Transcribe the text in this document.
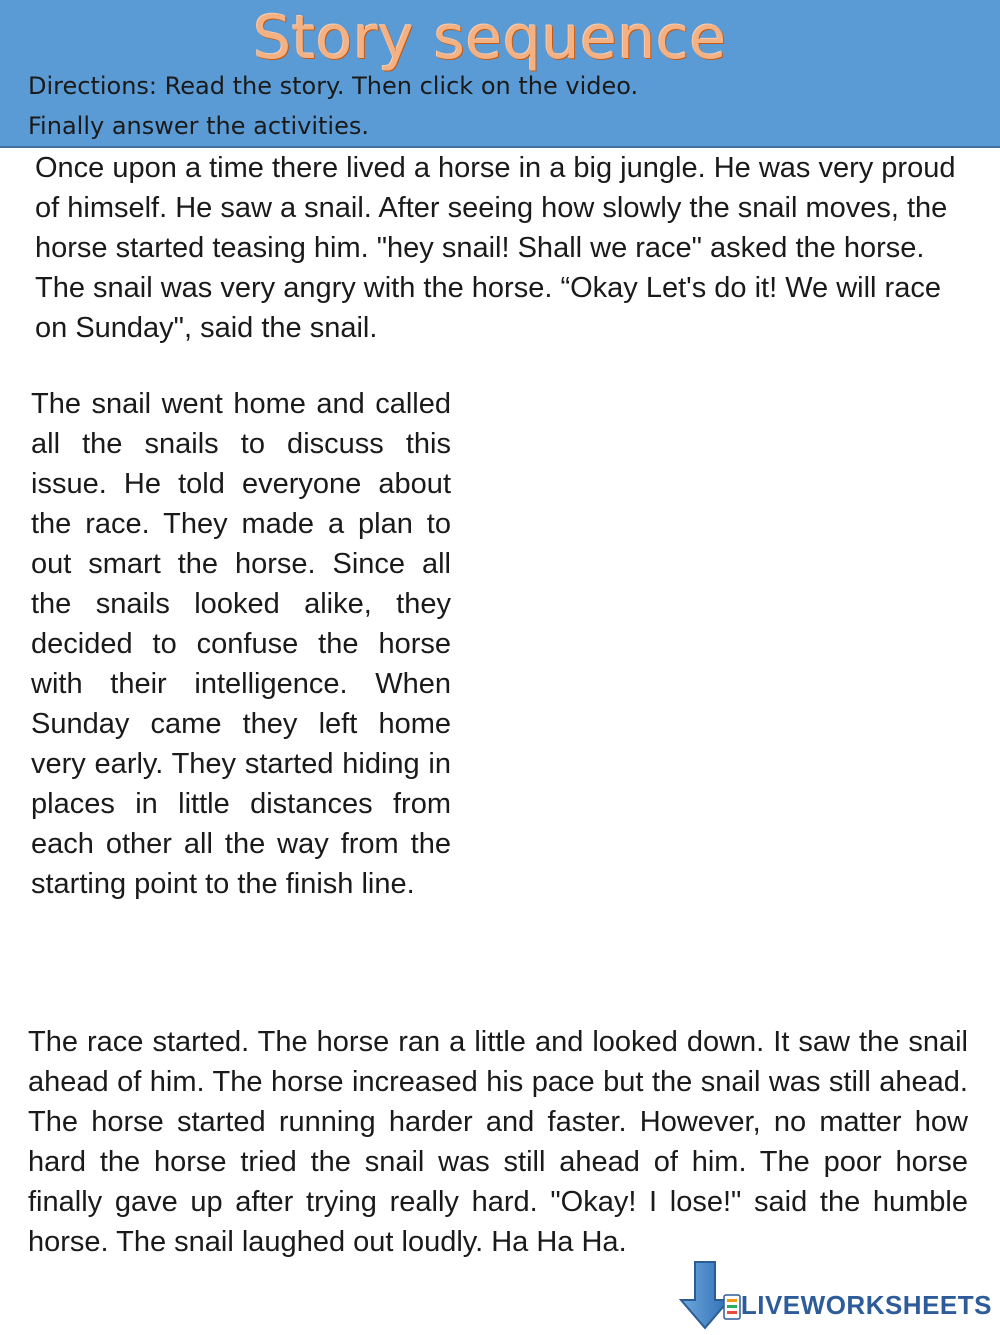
Story sequence
Directions: Read the story. Then click on the video.
Finally answer the activities.

Once upon a time there lived a horse in a big jungle. He was very proud of himself. He saw a snail. After seeing how slowly the snail moves, the horse started teasing him. "hey snail! Shall we race" asked the horse. The snail was very angry with the horse. “Okay Let's do it! We will race on Sunday", said the snail.

The snail went home and called all the snails to discuss this issue. He told everyone about the race. They made a plan to out smart the horse. Since all the snails looked alike, they decided to confuse the horse with their intelligence. When Sunday came they left home very early. They started hiding in places in little distances from each other all the way from the starting point to the finish line.

The race started. The horse ran a little and looked down. It saw the snail ahead of him. The horse increased his pace but the snail was still ahead. The horse started running harder and faster. However, no matter how hard the horse tried the snail was still ahead of him. The poor horse finally gave up after trying really hard. "Okay! I lose!" said the humble horse. The snail laughed out loudly. Ha Ha Ha.

LIVEWORKSHEETS
